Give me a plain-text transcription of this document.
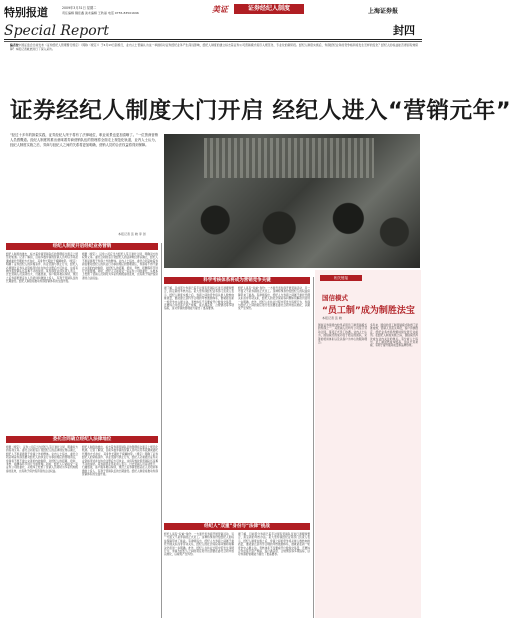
特别报道	2009年3月31日 星期二
责任编辑 魏佳鑫 美术编辑 王秋丽 电话 0755-83501696
Special Report
美证	证券经纪人制度	上海证券报
封四
编者按中国证监会日前发布《证券经纪人管理暂行规定》（简称《规定》）于4月13日起施行，业内人士普遍认为这一举措将对证券经纪业务产生深远影响，经纪人制度的建立标志着证券公司营销模式将迈入规范化、专业化的新阶段。经纪人制度实施后，券商经纪业务的竞争格局将发生怎样的变化？经纪人的权益能否得到有效保障？本报记者就此进行了深入采访。
证券经纪人制度大门开启 经纪人进入“营销元年”
“经过十多年的探索实践，证券经纪人终于将有了法律地位，职业前景也更加清晰了。”一位资深营销人员感慨道。经纪人制度的推出意味着券商营销队伍的管理将全面走上规范化轨道，业内人士认为，经纪人制度实施之后，券商与经纪人之间的关系将更加明确，营销人员的合法权益将得到保障。
本报记者 张 晓 李 剑
经纪人制度开启经纪业务营销
经纪人制度的推出，标志着券商营销队伍的管理将全面走上规范化轨道。记者了解到，目前多数券商的营销人员均以劳务派遣或委托代理的方式存在，其身份长期处于模糊地带。《规定》明确了证券经纪人的资格条件、执业范围与禁止行为，经纪人必须通过证券从业资格考试并在协会注册后方可执业，这将有效改善营销队伍良莠不齐的现状。某券商营业部负责人表示，过去营销人员流动性大、归属感差，客户服务难以持续，规范之后券商更愿意在人员培训和激励上投入，有利于营销队伍的长期建设。经纪人制度将推动券商营销体系的全面升级。
根据《规定》，证券公司应当与经纪人签订委托合同，明确双方的权利义务。委托合同的签订使经纪人的法律地位得以确立，经纪人不再是游离于券商之外的群体。业内人士指出，委托合同意味着券商需要对经纪人的执业行为承担相应的管理责任，券商将不得不建立完善的内控制度，对经纪人的招募、培训、考核、报酬等环节进行全面管理。同时，经纪人只能接受一家证券公司的委托，从根本上杜绝了营销人员同时为多家机构揽客的乱象，也有助于保护投资者的合法权益。
委托合同确立经纪人法律地位
根据《规定》，证券公司应当与经纪人签订委托合同，明确双方的权利义务。委托合同的签订使经纪人的法律地位得以确立，经纪人不再是游离于券商之外的群体。业内人士指出，委托合同意味着券商需要对经纪人的执业行为承担相应的管理责任，券商将不得不建立完善的内控制度，对经纪人的招募、培训、考核、报酬等环节进行全面管理。同时，经纪人只能接受一家证券公司的委托，从根本上杜绝了营销人员同时为多家机构揽客的乱象，也有助于保护投资者的合法权益。
经纪人制度的推出，标志着券商营销队伍的管理将全面走上规范化轨道。记者了解到，目前多数券商的营销人员均以劳务派遣或委托代理的方式存在，其身份长期处于模糊地带。《规定》明确了证券经纪人的资格条件、执业范围与禁止行为，经纪人必须通过证券从业资格考试并在协会注册后方可执业，这将有效改善营销队伍良莠不齐的现状。某券商营业部负责人表示，过去营销人员流动性大、归属感差，客户服务难以持续，规范之后券商更愿意在人员培训和激励上投入，有利于营销队伍的长期建设。经纪人制度将推动券商营销体系的全面升级。
科学考核体系将成为营销竞争关键
据了解，目前部分券商已着手对现有营销队伍进行清理和整合，拟定新的考核办法。某大型券商经纪业务部门负责人表示，经纪人制度实施之后，券商之间的竞争将从拼人数转向拼质量，谁能建立起科学合理的考核激励体系，谁就能在新一轮竞争中占据主动。考核体系不仅要看开户数和交易量，还要综合考虑客户资产规模、客户满意度、合规情况等多项指标，这对券商的管理能力提出了更高要求。
经纪人具有“双重”身份：一方面代表券商开展营销活动，另一方面又不是券商的正式员工。这种特殊身份给经纪人的权益保障带来了挑战。有律师指出，经纪人与券商之间属于委托代理关系而非劳动关系，经纪人的社会保险等问题如何解决仍需进一步明确。此外，经纪人在执业过程中若发生违规行为，券商与经纪人之间的责任划分也需要在委托合同中加以细化，以避免产生纠纷。
经纪人“双重”身份与“法律”挑战
经纪人具有“双重”身份：一方面代表券商开展营销活动，另一方面又不是券商的正式员工。这种特殊身份给经纪人的权益保障带来了挑战。有律师指出，经纪人与券商之间属于委托代理关系而非劳动关系，经纪人的社会保险等问题如何解决仍需进一步明确。此外，经纪人在执业过程中若发生违规行为，券商与经纪人之间的责任划分也需要在委托合同中加以细化，以避免产生纠纷。
据了解，目前部分券商已着手对现有营销队伍进行清理和整合，拟定新的考核办法。某大型券商经纪业务部门负责人表示，经纪人制度实施之后，券商之间的竞争将从拼人数转向拼质量，谁能建立起科学合理的考核激励体系，谁就能在新一轮竞争中占据主动。考核体系不仅要看开户数和交易量，还要综合考虑客户资产规模、客户满意度、合规情况等多项指标，这对券商的管理能力提出了更高要求。
相关链接
国信模式
“员工制”成为制胜法宝
本报记者 张 晓
国信证券是国内较早采用员工制营销模式的券商之一，其营销人员均与公司签订劳动合同，享受正式员工待遇。业内人士认为，国信模式的成功在于稳定的团队、完善的培训体系以及以客户为中心的服务理念。
多年来，国信的员工制营销模式取得了显著成效，营销人员流失率低，客户资源稳定，经纪业务市场份额持续位居行业前列。在经纪人制度实施之际，国信模式再次成为业内关注的焦点。有分析人士指出，员工制虽然成本较高，但从长远来看，有利于提升服务质量和品牌形象。
